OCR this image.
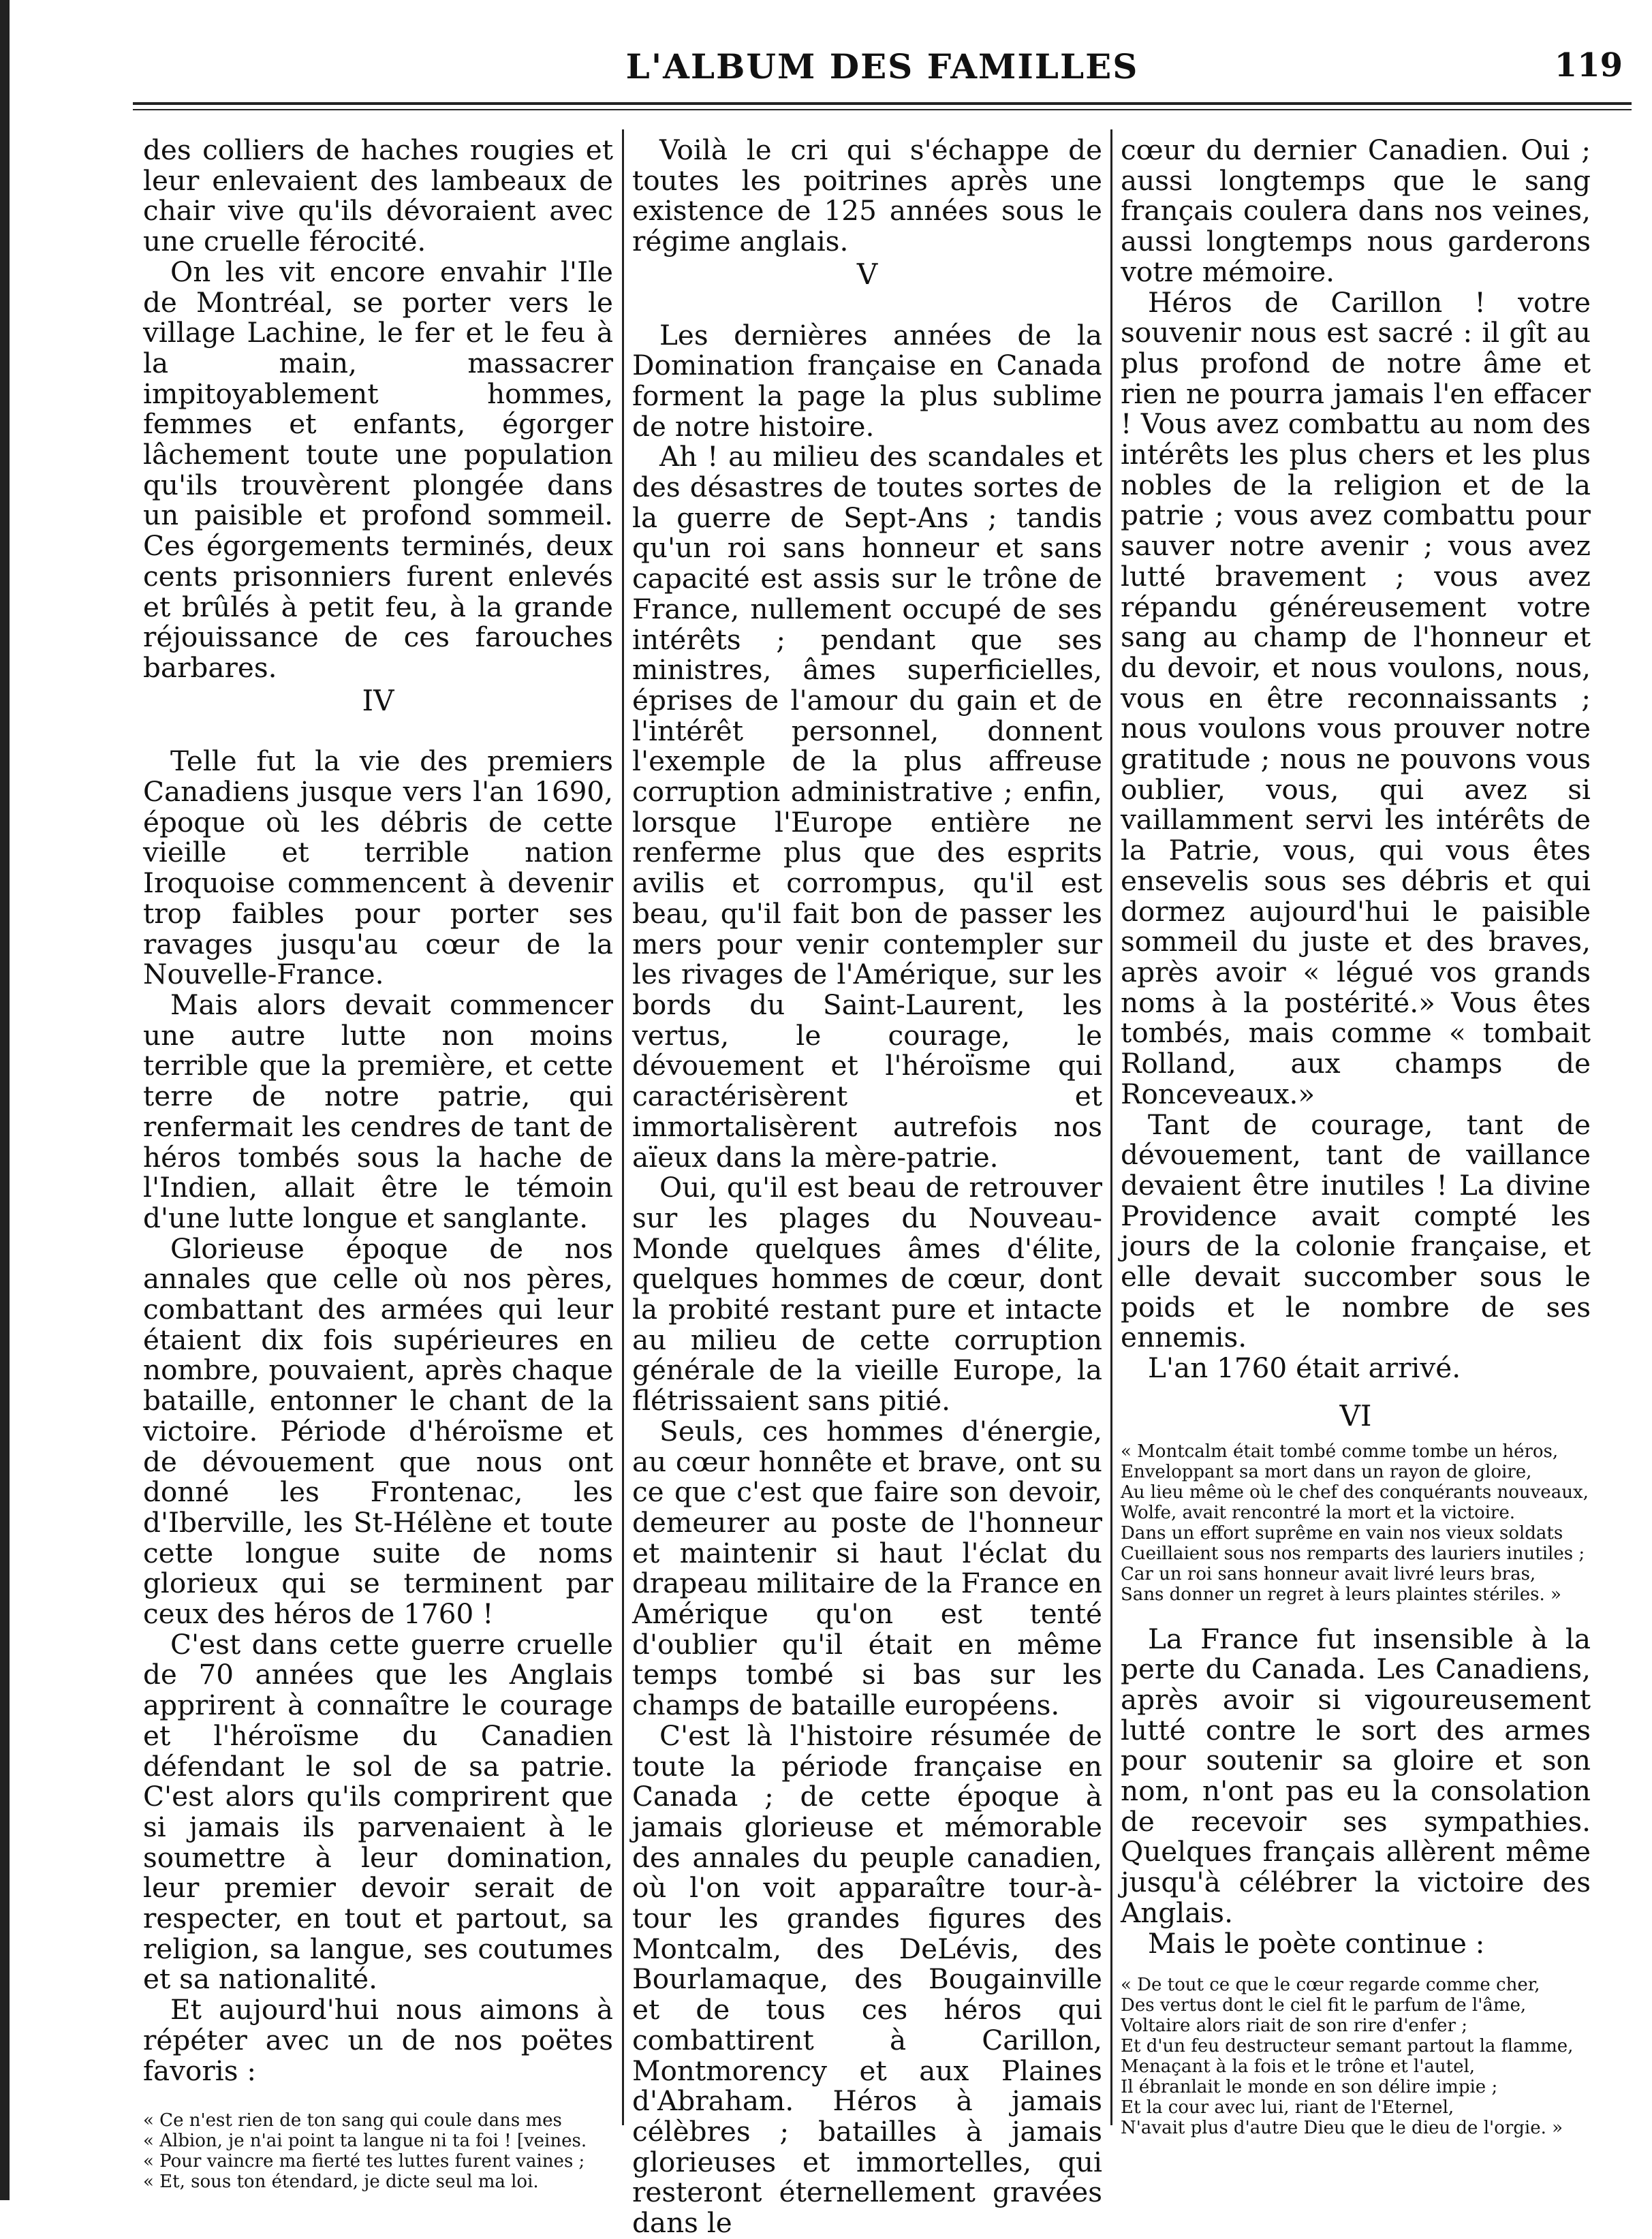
L'ALBUM DES FAMILLES	119

des colliers de haches rougies et leur enlevaient des lambeaux de chair vive qu'ils dévoraient avec une cruelle férocité.

On les vit encore envahir l'Ile de Montréal, se porter vers le village Lachine, le fer et le feu à la main, massacrer impitoyablement hommes, femmes et enfants, égorger lâchement toute une population qu'ils trouvèrent plongée dans un paisible et profond sommeil. Ces égorgements terminés, deux cents prisonniers furent enlevés et brûlés à petit feu, à la grande réjouissance de ces farouches barbares.

IV

Telle fut la vie des premiers Canadiens jusque vers l'an 1690, époque où les débris de cette vieille et terrible nation Iroquoise commencent à devenir trop faibles pour porter ses ravages jusqu'au cœur de la Nouvelle-France.

Mais alors devait commencer une autre lutte non moins terrible que la première, et cette terre de notre patrie, qui renfermait les cendres de tant de héros tombés sous la hache de l'Indien, allait être le témoin d'une lutte longue et sanglante.

Glorieuse époque de nos annales que celle où nos pères, combattant des armées qui leur étaient dix fois supérieures en nombre, pouvaient, après chaque bataille, entonner le chant de la victoire. Période d'héroïsme et de dévouement que nous ont donné les Frontenac, les d'Iberville, les St-Hélène et toute cette longue suite de noms glorieux qui se terminent par ceux des héros de 1760 !

C'est dans cette guerre cruelle de 70 années que les Anglais apprirent à connaître le courage et l'héroïsme du Canadien défendant le sol de sa patrie. C'est alors qu'ils comprirent que si jamais ils parvenaient à le soumettre à leur domination, leur premier devoir serait de respecter, en tout et partout, sa religion, sa langue, ses coutumes et sa nationalité.

Et aujourd'hui nous aimons à répéter avec un de nos poëtes favoris :

« Ce n'est rien de ton sang qui coule dans mes
« Albion, je n'ai point ta langue ni ta foi ! [veines.
« Pour vaincre ma fierté tes luttes furent vaines ;
« Et, sous ton étendard, je dicte seul ma loi.

Voilà le cri qui s'échappe de toutes les poitrines après une existence de 125 années sous le régime anglais.

V

Les dernières années de la Domination française en Canada forment la page la plus sublime de notre histoire.

Ah ! au milieu des scandales et des désastres de toutes sortes de la guerre de Sept-Ans ; tandis qu'un roi sans honneur et sans capacité est assis sur le trône de France, nullement occupé de ses intérêts ; pendant que ses ministres, âmes superficielles, éprises de l'amour du gain et de l'intérêt personnel, donnent l'exemple de la plus affreuse corruption administrative ; enfin, lorsque l'Europe entière ne renferme plus que des esprits avilis et corrompus, qu'il est beau, qu'il fait bon de passer les mers pour venir contempler sur les rivages de l'Amérique, sur les bords du Saint-Laurent, les vertus, le courage, le dévouement et l'héroïsme qui caractérisèrent et immortalisèrent autrefois nos aïeux dans la mère-patrie.

Oui, qu'il est beau de retrouver sur les plages du Nouveau-Monde quelques âmes d'élite, quelques hommes de cœur, dont la probité restant pure et intacte au milieu de cette corruption générale de la vieille Europe, la flétrissaient sans pitié.

Seuls, ces hommes d'énergie, au cœur honnête et brave, ont su ce que c'est que faire son devoir, demeurer au poste de l'honneur et maintenir si haut l'éclat du drapeau militaire de la France en Amérique qu'on est tenté d'oublier qu'il était en même temps tombé si bas sur les champs de bataille européens.

C'est là l'histoire résumée de toute la période française en Canada ; de cette époque à jamais glorieuse et mémorable des annales du peuple canadien, où l'on voit apparaître tour-à-tour les grandes figures des Montcalm, des DeLévis, des Bourlamaque, des Bougainville et de tous ces héros qui combattirent à Carillon, Montmorency et aux Plaines d'Abraham. Héros à jamais célèbres ; batailles à jamais glorieuses et immortelles, qui resteront éternellement gravées dans le

cœur du dernier Canadien. Oui ; aussi longtemps que le sang français coulera dans nos veines, aussi longtemps nous garderons votre mémoire.

Héros de Carillon ! votre souvenir nous est sacré : il gît au plus profond de notre âme et rien ne pourra jamais l'en effacer ! Vous avez combattu au nom des intérêts les plus chers et les plus nobles de la religion et de la patrie ; vous avez combattu pour sauver notre avenir ; vous avez lutté bravement ; vous avez répandu généreusement votre sang au champ de l'honneur et du devoir, et nous voulons, nous, vous en être reconnaissants ; nous voulons vous prouver notre gratitude ; nous ne pouvons vous oublier, vous, qui avez si vaillamment servi les intérêts de la Patrie, vous, qui vous êtes ensevelis sous ses débris et qui dormez aujourd'hui le paisible sommeil du juste et des braves, après avoir « légué vos grands noms à la postérité.» Vous êtes tombés, mais comme « tombait Rolland, aux champs de Ronceveaux.»

Tant de courage, tant de dévouement, tant de vaillance devaient être inutiles ! La divine Providence avait compté les jours de la colonie française, et elle devait succomber sous le poids et le nombre de ses ennemis.

L'an 1760 était arrivé.

VI
« Montcalm était tombé comme tombe un héros,
Enveloppant sa mort dans un rayon de gloire,
Au lieu même où le chef des conquérants nouveaux,
Wolfe, avait rencontré la mort et la victoire.
Dans un effort suprême en vain nos vieux soldats
Cueillaient sous nos remparts des lauriers inutiles ;
Car un roi sans honneur avait livré leurs bras,
Sans donner un regret à leurs plaintes stériles. »

La France fut insensible à la perte du Canada. Les Canadiens, après avoir si vigoureusement lutté contre le sort des armes pour soutenir sa gloire et son nom, n'ont pas eu la consolation de recevoir ses sympathies. Quelques français allèrent même jusqu'à célébrer la victoire des Anglais.

Mais le poète continue :

« De tout ce que le cœur regarde comme cher,
Des vertus dont le ciel fit le parfum de l'âme,
Voltaire alors riait de son rire d'enfer ;
Et d'un feu destructeur semant partout la flamme,
Menaçant à la fois et le trône et l'autel,
Il ébranlait le monde en son délire impie ;
Et la cour avec lui, riant de l'Eternel,
N'avait plus d'autre Dieu que le dieu de l'orgie. »
